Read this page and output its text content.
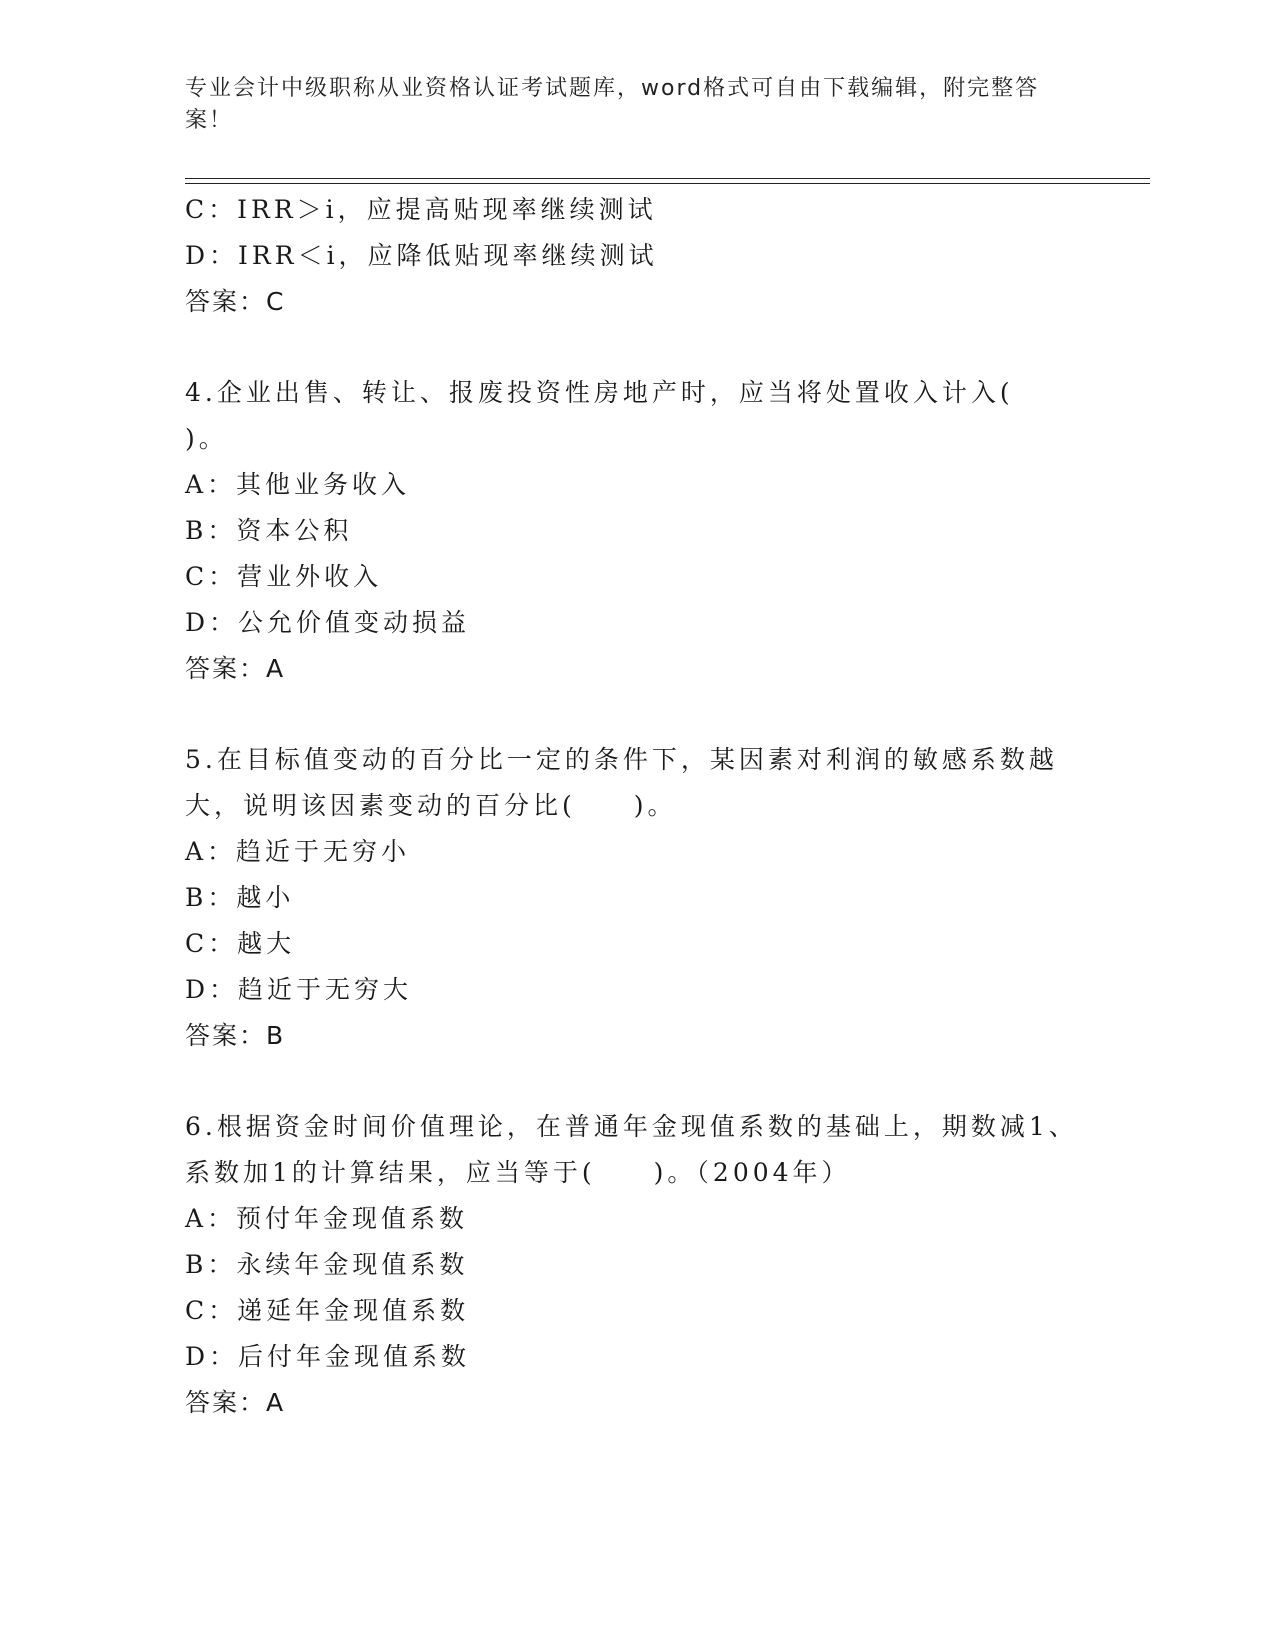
专业会计中级职称从业资格认证考试题库，word格式可自由下载编辑，附完整答案！
C：IRR＞i，应提高贴现率继续测试
D：IRR＜i，应降低贴现率继续测试
答案：C
4.企业出售、转让、报废投资性房地产时，应当将处置收入计入(
)。
A：其他业务收入
B：资本公积
C：营业外收入
D：公允价值变动损益
答案：A
5.在目标值变动的百分比一定的条件下，某因素对利润的敏感系数越
大，说明该因素变动的百分比(　　)。
A：趋近于无穷小
B：越小
C：越大
D：趋近于无穷大
答案：B
6.根据资金时间价值理论，在普通年金现值系数的基础上，期数减1、
系数加1的计算结果，应当等于(　　)。（2004年）
A：预付年金现值系数
B：永续年金现值系数
C：递延年金现值系数
D：后付年金现值系数
答案：A
